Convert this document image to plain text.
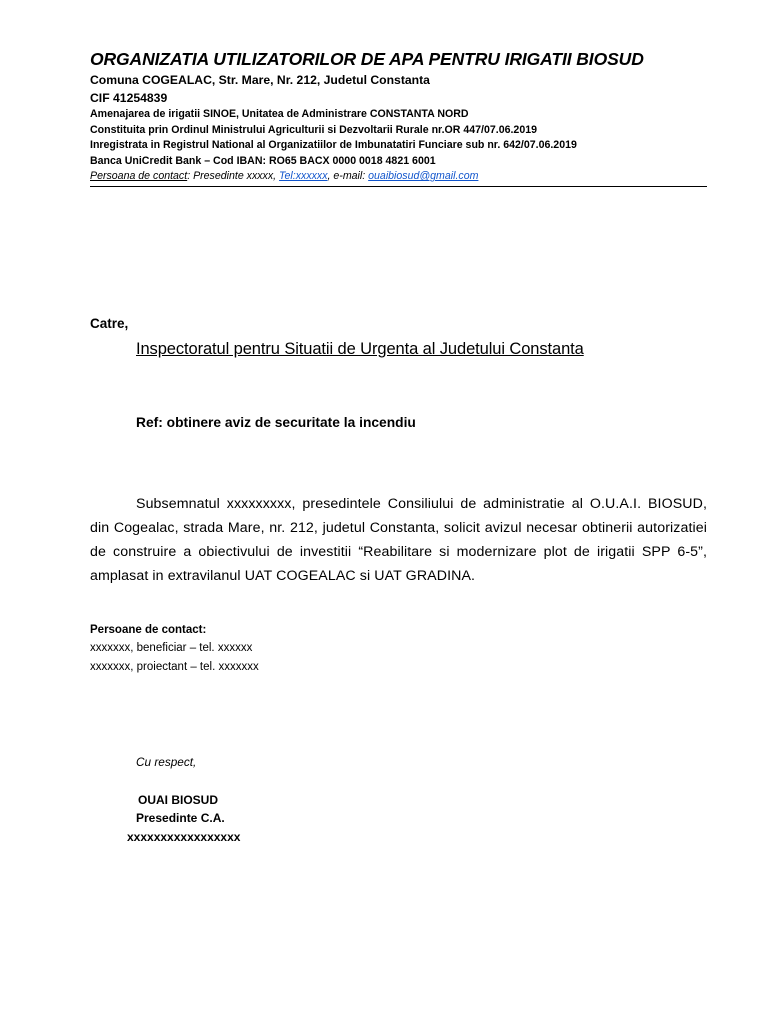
ORGANIZATIA UTILIZATORILOR DE APA PENTRU IRIGATII BIOSUD
Comuna COGEALAC, Str. Mare, Nr. 212, Judetul Constanta
CIF 41254839
Amenajarea de irigatii SINOE, Unitatea de Administrare CONSTANTA NORD
Constituita prin Ordinul Ministrului Agriculturii si Dezvoltarii Rurale nr.OR 447/07.06.2019
Inregistrata in Registrul National al Organizatiilor de Imbunatatiri Funciare sub nr. 642/07.06.2019
Banca UniCredit Bank – Cod IBAN: RO65 BACX 0000 0018 4821 6001
Persoana de contact: Presedinte xxxxx, Tel:xxxxxx, e-mail: ouaibiosud@gmail.com
Catre,
Inspectoratul pentru Situatii de Urgenta al Judetului Constanta
Ref: obtinere aviz de securitate la incendiu
Subsemnatul xxxxxxxxx, presedintele Consiliului de administratie al O.U.A.I. BIOSUD, din Cogealac, strada Mare, nr. 212, judetul Constanta, solicit avizul necesar obtinerii autorizatiei de construire a obiectivului de investitii “Reabilitare si modernizare plot de irigatii SPP 6-5”, amplasat in extravilanul UAT COGEALAC si UAT GRADINA.
Persoane de contact:
xxxxxxx, beneficiar – tel. xxxxxx
xxxxxxx, proiectant – tel. xxxxxxx
Cu respect,
OUAI BIOSUD
Presedinte C.A.
xxxxxxxxxxxxxxxxx
